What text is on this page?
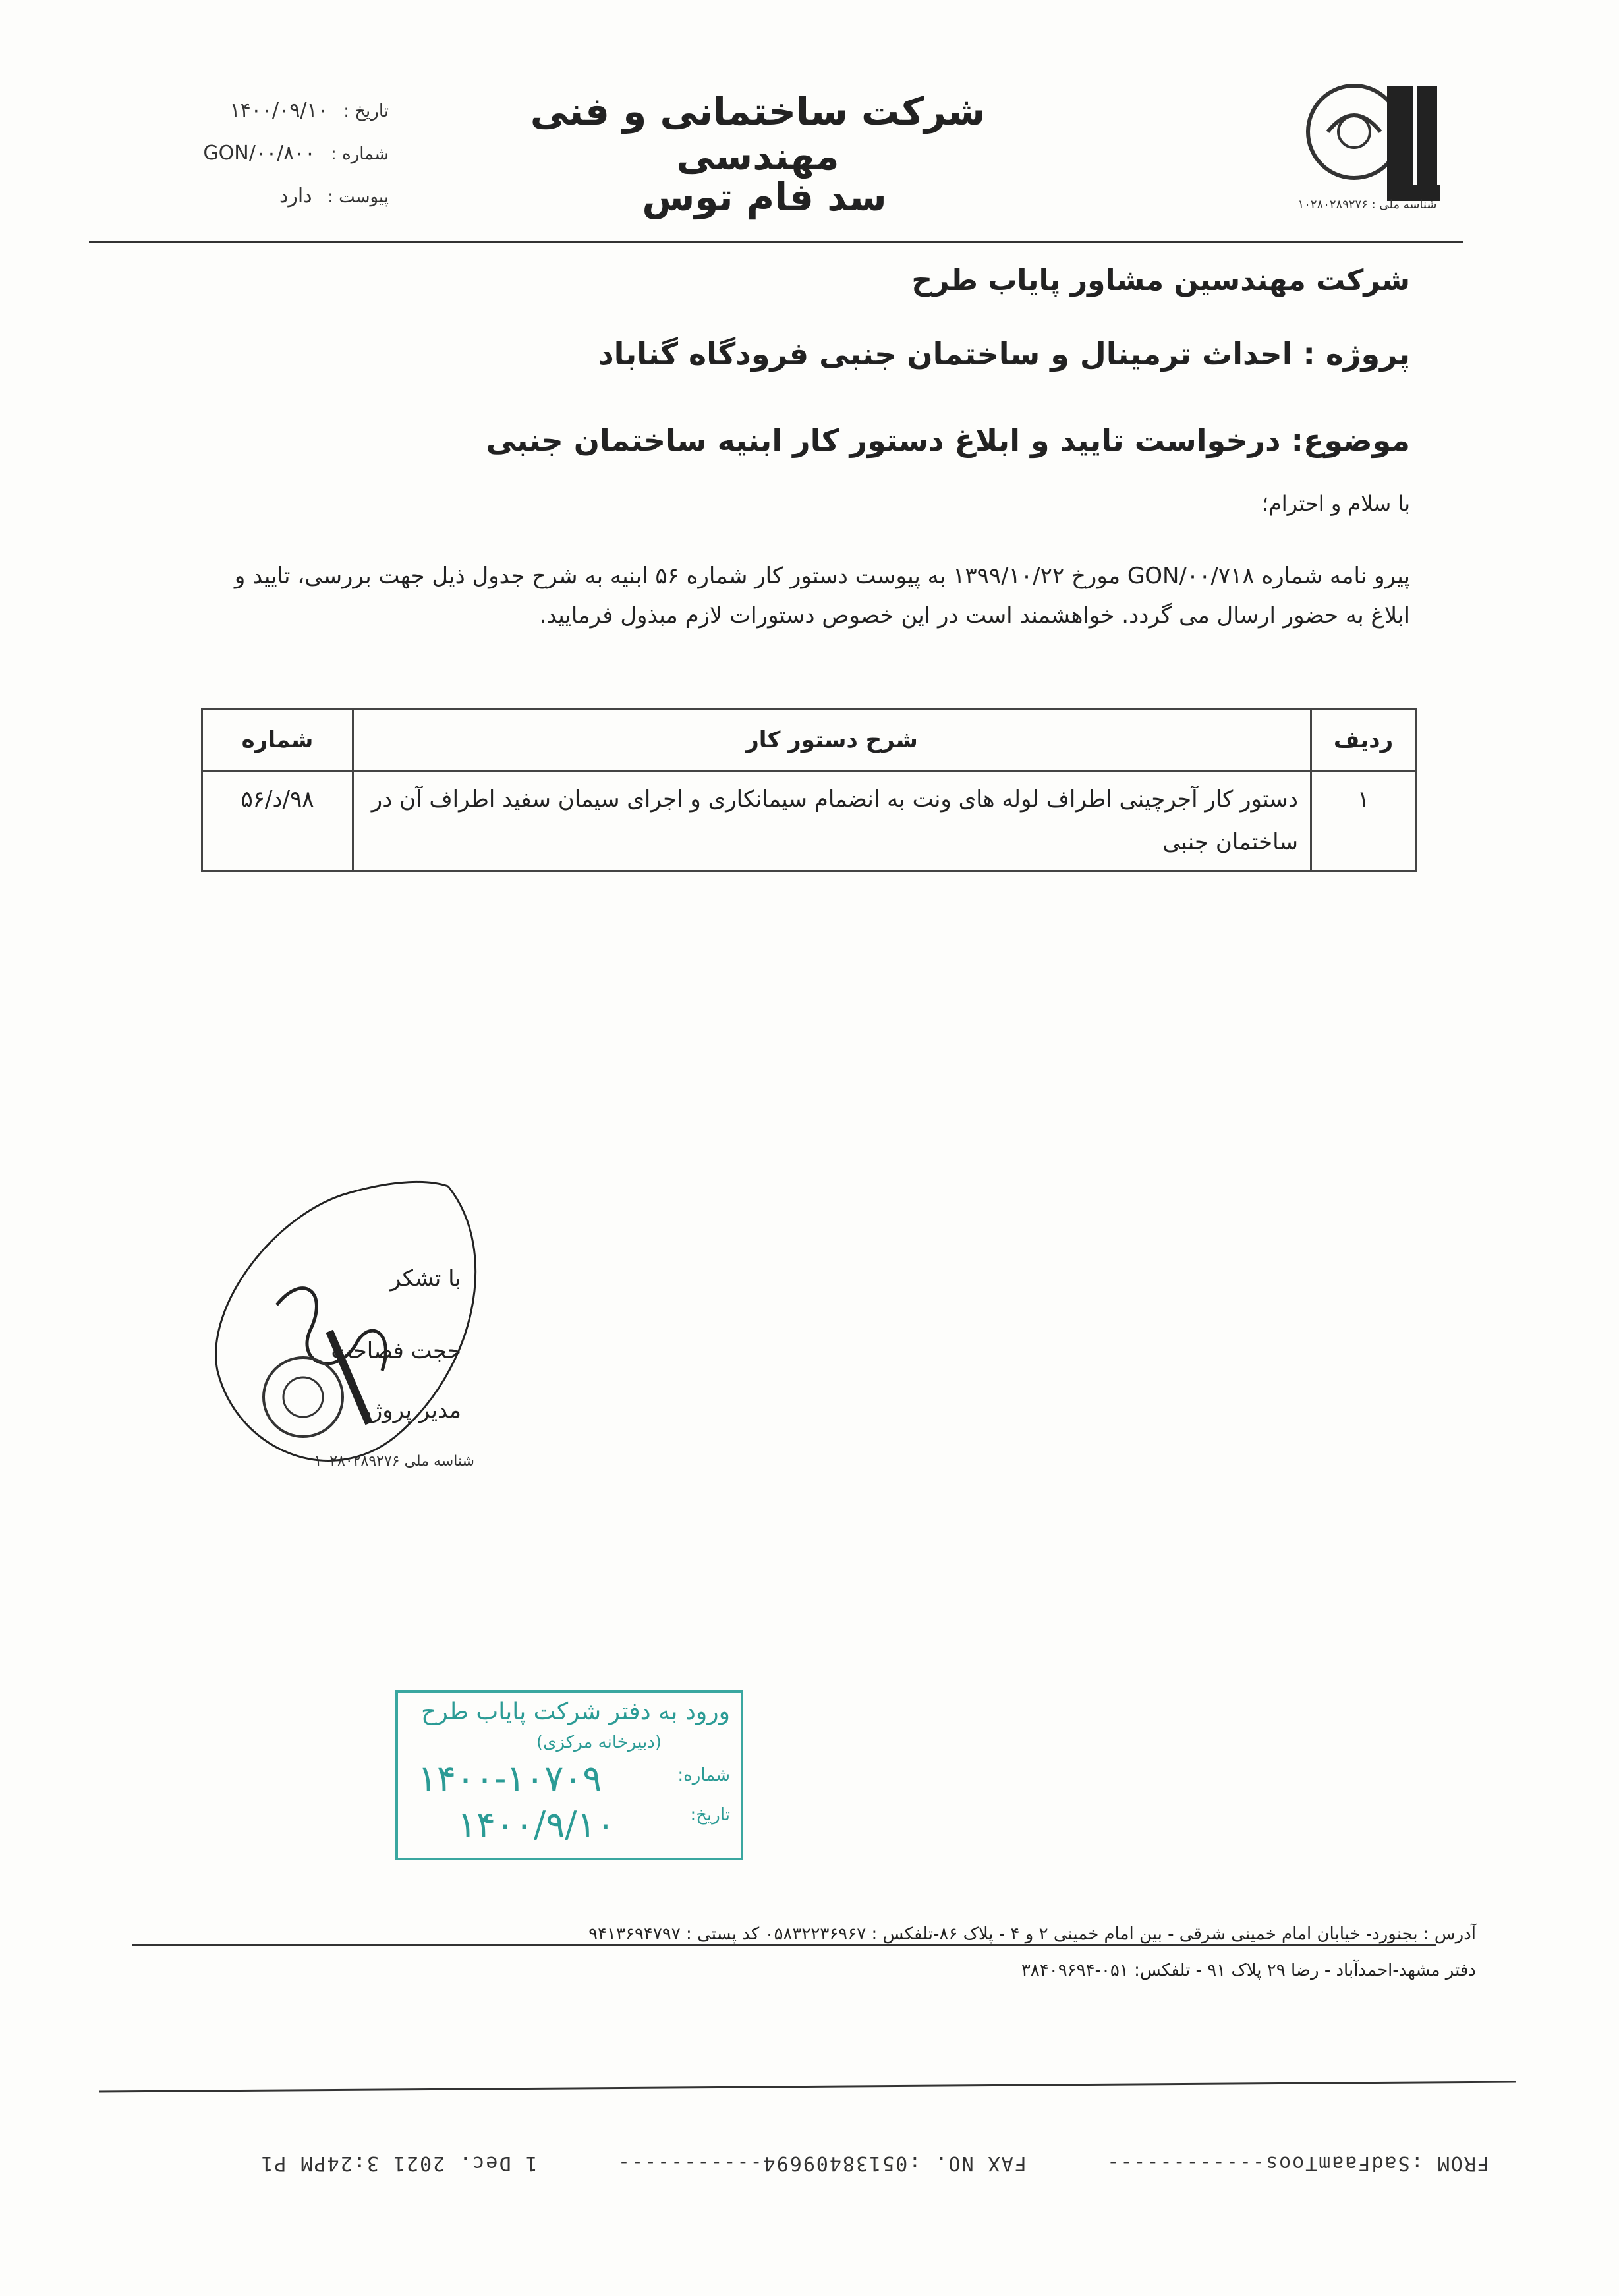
شرکت ساختمانی و فنی مهندسی
سد فام توس
تاریخ : ۱۴۰۰/۰۹/۱۰
شماره : GON/۰۰/۸۰۰
پیوست : دارد	شناسه ملی : ۱۰۲۸۰۲۸۹۲۷۶
شرکت مهندسین مشاور پایاب طرح
پروژه : احداث ترمینال و ساختمان جنبی فرودگاه گناباد
موضوع: درخواست تایید و ابلاغ دستور کار ابنیه ساختمان جنبی
با سلام و احترام؛
پیرو نامه شماره GON/۰۰/۷۱۸ مورخ ۱۳۹۹/۱۰/۲۲ به پیوست دستور کار شماره ۵۶ ابنیه به شرح جدول ذیل جهت بررسی، تایید و ابلاغ به حضور ارسال می گردد. خواهشمند است در این خصوص دستورات لازم مبذول فرمایید.
ردیف	شرح دستور کار	شماره
۱	دستور کار آجرچینی اطراف لوله های ونت به انضمام سیمانکاری و اجرای سیمان سفید اطراف آن در ساختمان جنبی	۹۸/د/۵۶
با تشکر
حجت فصاحت
مدیر پروژه
شناسه ملی ۱۰۲۸۰۲۸۹۲۷۶
ورود به دفتر شرکت پایاب طرح
(دبیرخانه مرکزی)
شماره:
۱۴۰۰-۱۰۷۰۹
تاریخ:
۱۴۰۰/۹/۱۰
آدرس : بجنورد- خیابان امام خمینی شرقی - بین امام خمینی ۲ و ۴ - پلاک ۸۶-تلفکس : ۰۵۸۳۲۲۳۶۹۶۷ کد پستی : ۹۴۱۳۶۹۴۷۹۷
دفتر مشهد-احمدآباد - رضا ۲۹ پلاک ۹۱ - تلفکس: ۰۵۱-۳۸۴۰۹۶۹۴
FROM :SadFaamToos------------      FAX NO. :05138409694-----------      1 Dec. 2021 3:24PM P1
